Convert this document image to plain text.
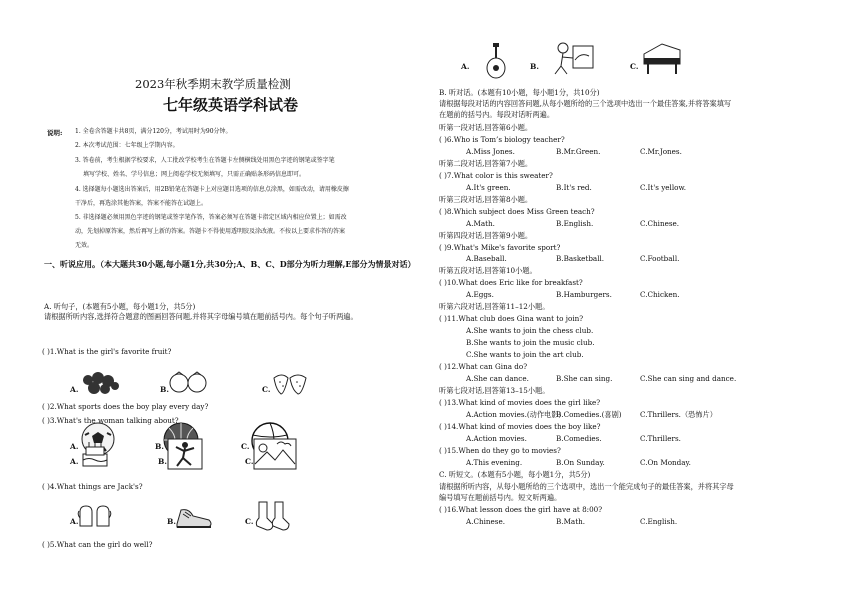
2023年秋季期末教学质量检测
七年级英语学科试卷
说明: 1. 全卷含答题卡共8页，满分120分，考试用时为90分钟。
2. 本次考试范围：七年级上学期内容。
3. 答卷前，考生根据学校要求，人工批改学校考生在答题卡左侧横线处用黑色字迹的钢笔或签字笔
填写学校、姓名、学号信息；网上阅卷学校无须填写，只需正确贴条形码信息即可。
4. 选择题每小题选出答案后，用2B铅笔在答题卡上对应题目选项的信息点涂黑，如需改动，请用橡皮擦
干净后，再选涂其他答案，答案不能答在试题上。
5. 非选择题必须用黑色字迹的钢笔或签字笔作答，答案必须写在答题卡指定区域内相应位置上；如需改
动，先划掉原答案，然后再写上新的答案。答题卡不得使用透明胶及涂改液。不按以上要求作答的答案
无效。
一、听说应用。（本大题共30小题,每小题1分,共30分;A、B、C、D部分为听力理解,E部分为情景对话）
A. 听句子，(本题有5小题，每小题1分，共5分)
请根据所听内容,选择符合题意的图画回答问题,并将其字母编号填在题前括号内。每个句子听两遍。
( )1.What is the girl's favorite fruit?
A.	B.	C.
( )2.What sports does the boy play every day?
A.	B.	C.
( )3.What's the woman talking about?
A.	B.	C.
( )4.What things are Jack's?
A.	B.	C.
( )5.What can the girl do well?
A.	B.	C.
B. 听对话。(本题有10小题，每小题1分，共10分)
请根据每段对话的内容回答问题,从每小题所给的三个选项中选出一个最佳答案,并将答案填写
在题前的括号内。每段对话听两遍。
听第一段对话,回答第6小题。
( )6.Who is Tom’s biology teacher?
A.Miss Jones.	B.Mr.Green.	C.Mr.Jones.
听第二段对话,回答第7小题。
( )7.What color is this sweater?
A.It's green.	B.It's red.	C.It's yellow.
听第三段对话,回答第8小题。
( )8.Which subject does Miss Green teach?
A.Math.	B.English.	C.Chinese.
听第四段对话,回答第9小题。
( )9.What's Mike's favorite sport?
A.Baseball.	B.Basketball.	C.Football.
听第五段对话,回答第10小题。
( )10.What does Eric like for breakfast?
A.Eggs.	B.Hamburgers.	C.Chicken.
听第六段对话,回答第11–12小题。
( )11.What club does Gina want to join?
A.She wants to join the chess club.
B.She wants to join the music club.
C.She wants to join the art club.
( )12.What can Gina do?
A.She can dance.	B.She can sing.	C.She can sing and dance.
听第七段对话,回答第13–15小题。
( )13.What kind of movies does the girl like?
A.Action movies.(动作电影)
B.Comedies.(喜剧)	C.Thrillers.（恐怖片）
( )14.What kind of movies does the boy like?
A.Action movies.	B.Comedies.	C.Thrillers.
( )15.When do they go to movies?
A.This evening.	B.On Sunday.	C.On Monday.
C. 听短文。(本题有5小题，每小题1分，共5分)
请根据所听内容，从每小题所给的三个选项中，选出一个能完成句子的最佳答案，并将其字母
编号填写在题前括号内。短文听两遍。
( )16.What lesson does the girl have at 8:00?
A.Chinese.	B.Math.	C.English.
